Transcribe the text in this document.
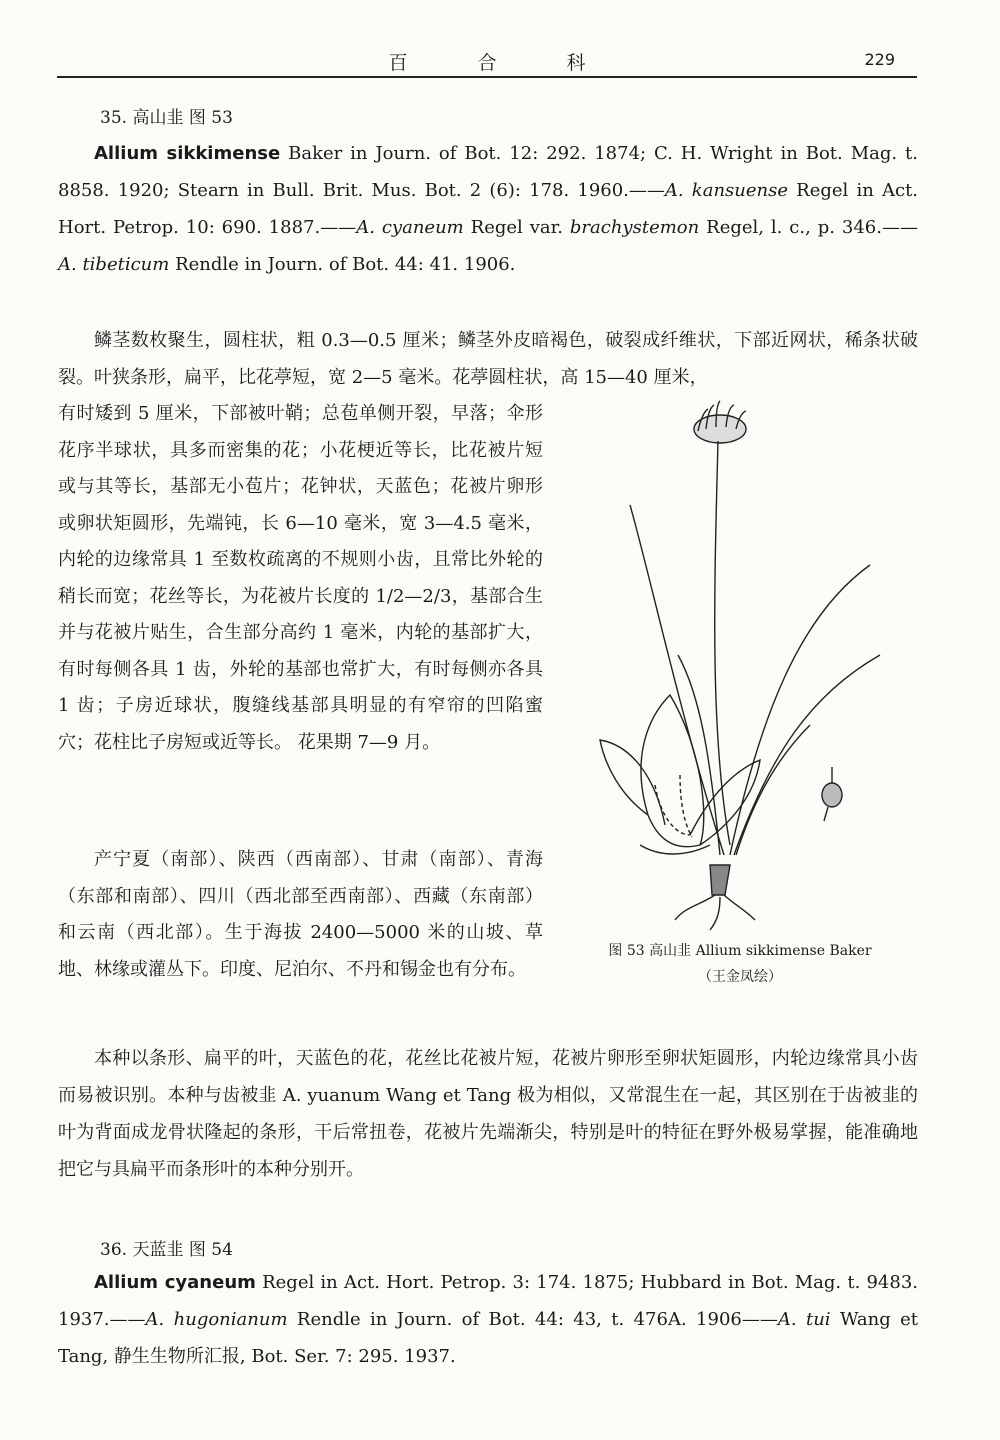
百合科	229
35. 高山韭 图 53
Allium sikkimense Baker in Journ. of Bot. 12: 292. 1874; C. H. Wright in Bot. Mag. t. 8858. 1920; Stearn in Bull. Brit. Mus. Bot. 2 (6): 178. 1960.——A. kansuense Regel in Act. Hort. Petrop. 10: 690. 1887.——A. cyaneum Regel var. brachystemon Regel, l. c., p. 346.——A. tibeticum Rendle in Journ. of Bot. 44: 41. 1906.
鳞茎数枚聚生，圆柱状，粗 0.3—0.5 厘米；鳞茎外皮暗褐色，破裂成纤维状，下部近网状，稀条状破裂。叶狭条形，扁平，比花葶短，宽 2—5 毫米。花葶圆柱状，高 15—40 厘米，
有时矮到 5 厘米，下部被叶鞘；总苞单侧开裂，早落；伞形花序半球状，具多而密集的花；小花梗近等长，比花被片短或与其等长，基部无小苞片；花钟状，天蓝色；花被片卵形或卵状矩圆形，先端钝，长 6—10 毫米，宽 3—4.5 毫米，内轮的边缘常具 1 至数枚疏离的不规则小齿，且常比外轮的稍长而宽；花丝等长，为花被片长度的 1/2—2/3，基部合生并与花被片贴生，合生部分高约 1 毫米，内轮的基部扩大，有时每侧各具 1 齿，外轮的基部也常扩大，有时每侧亦各具 1 齿；子房近球状，腹缝线基部具明显的有窄帘的凹陷蜜穴；花柱比子房短或近等长。 花果期 7—9 月。
产宁夏（南部）、陕西（西南部）、甘肃（南部）、青海（东部和南部）、四川（西北部至西南部）、西藏（东南部）和云南（西北部）。生于海拔 2400—5000 米的山坡、草地、林缘或灌丛下。印度、尼泊尔、不丹和锡金也有分布。
图 53 高山韭 Allium sikkimense Baker
（王金凤绘）
本种以条形、扁平的叶，天蓝色的花，花丝比花被片短，花被片卵形至卵状矩圆形，内轮边缘常具小齿而易被识别。本种与齿被韭 A. yuanum Wang et Tang 极为相似，又常混生在一起，其区别在于齿被韭的叶为背面成龙骨状隆起的条形，干后常扭卷，花被片先端渐尖，特别是叶的特征在野外极易掌握，能准确地把它与具扁平而条形叶的本种分别开。
36. 天蓝韭 图 54
Allium cyaneum Regel in Act. Hort. Petrop. 3: 174. 1875; Hubbard in Bot. Mag. t. 9483. 1937.——A. hugonianum Rendle in Journ. of Bot. 44: 43, t. 476A. 1906——A. tui Wang et Tang, 静生生物所汇报, Bot. Ser. 7: 295. 1937.
